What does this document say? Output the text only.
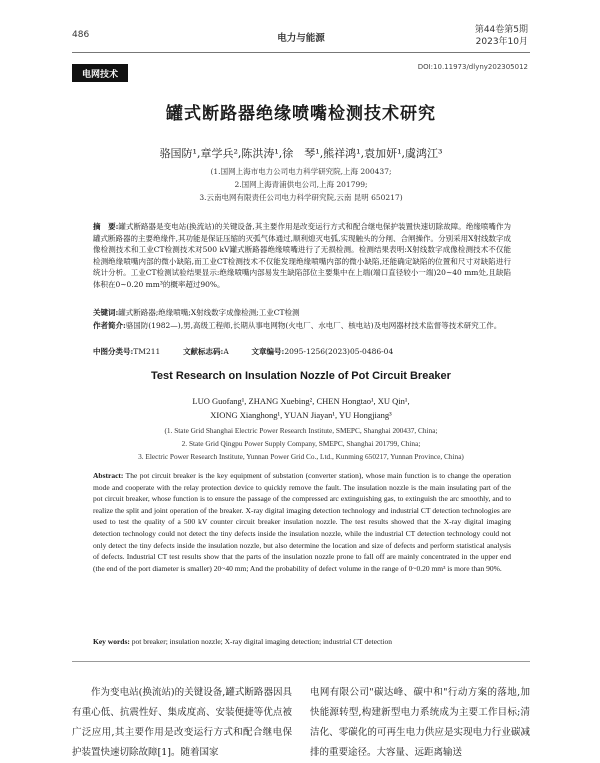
486	电力与能源
第44卷第5期
2023年10月
电网技术
DOI:10.11973/dlyny202305012
罐式断路器绝缘喷嘴检测技术研究
骆国防¹,章学兵²,陈洪涛¹,徐　琴¹,熊祥鸿¹,袁加妍¹,虞鸿江³
(1.国网上海市电力公司电力科学研究院,上海 200437;
2.国网上海青浦供电公司,上海 201799;
3.云南电网有限责任公司电力科学研究院,云南 昆明 650217)
摘　要:罐式断路器是变电站(换流站)的关键设备,其主要作用是改变运行方式和配合继电保护装置快速切除故障。绝缘喷嘴作为罐式断路器的主要绝缘件,其功能是保证压缩的灭弧气体通过,顺利熄灭电弧,实现触头的分闸、合闸操作。分别采用X射线数字成像检测技术和工业CT检测技术对500 kV罐式断路器绝缘喷嘴进行了无损检测。检测结果表明:X射线数字成像检测技术不仅能检测绝缘喷嘴内部的微小缺陷,而工业CT检测技术不仅能发现绝缘喷嘴内部的微小缺陷,还能确定缺陷的位置和尺寸对缺陷进行统计分析。工业CT检测试验结果显示:绝缘喷嘴内部易发生缺陷部位主要集中在上端(端口直径较小一端)20~40 mm处,且缺陷体积在0~0.20 mm³的概率超过90%。
关键词:罐式断路器;绝缘喷嘴;X射线数字成像检测;工业CT检测
作者简介:骆国防(1982—),男,高级工程师,长期从事电网物(火电厂、水电厂、核电站)及电网器材技术监督等技术研究工作。
中图分类号:TM211	文献标志码:A	文章编号:2095-1256(2023)05-0486-04
Test Research on Insulation Nozzle of Pot Circuit Breaker
LUO Guofang¹, ZHANG Xuebing², CHEN Hongtao¹, XU Qin¹,
XIONG Xianghong¹, YUAN Jiayan¹, YU Hongjiang³
(1. State Grid Shanghai Electric Power Research Institute, SMEPC, Shanghai 200437, China;
2. State Grid Qingpu Power Supply Company, SMEPC, Shanghai 201799, China;
3. Electric Power Research Institute, Yunnan Power Grid Co., Ltd., Kunming 650217, Yunnan Province, China)
Abstract: The pot circuit breaker is the key equipment of substation (converter station), whose main function is to change the operation mode and cooperate with the relay protection device to quickly remove the fault. The insulation nozzle is the main insulating part of the pot circuit breaker, whose function is to ensure the passage of the compressed arc extinguishing gas, to extinguish the arc smoothly, and to realize the split and joint operation of the breaker. X-ray digital imaging detection technology and industrial CT detection technologies are used to test the quality of a 500 kV counter circuit breaker insulation nozzle. The test results showed that the X-ray digital imaging detection technology could not detect the tiny defects inside the insulation nozzle, while the industrial CT detection technology could not only detect the tiny defects inside the insulation nozzle, but also determine the location and size of defects and perform statistical analysis of defects. Industrial CT test results show that the parts of the insulation nozzle prone to fall off are mainly concentrated in the upper end (the end of the port diameter is smaller) 20~40 mm; And the probability of defect volume in the range of 0~0.20 mm³ is more than 90%.
Key words: pot breaker; insulation nozzle; X-ray digital imaging detection; industrial CT detection
作为变电站(换流站)的关键设备,罐式断路器因具有重心低、抗震性好、集成度高、安装便捷等优点被广泛应用,其主要作用是改变运行方式和配合继电保护装置快速切除故障[1]。随着国家
电网有限公司"碳达峰、碳中和"行动方案的落地,加快能源转型,构建新型电力系统成为主要工作目标;清洁化、零碳化的可再生电力供应是实现电力行业碳减排的重要途径。大容量、远距离输送
